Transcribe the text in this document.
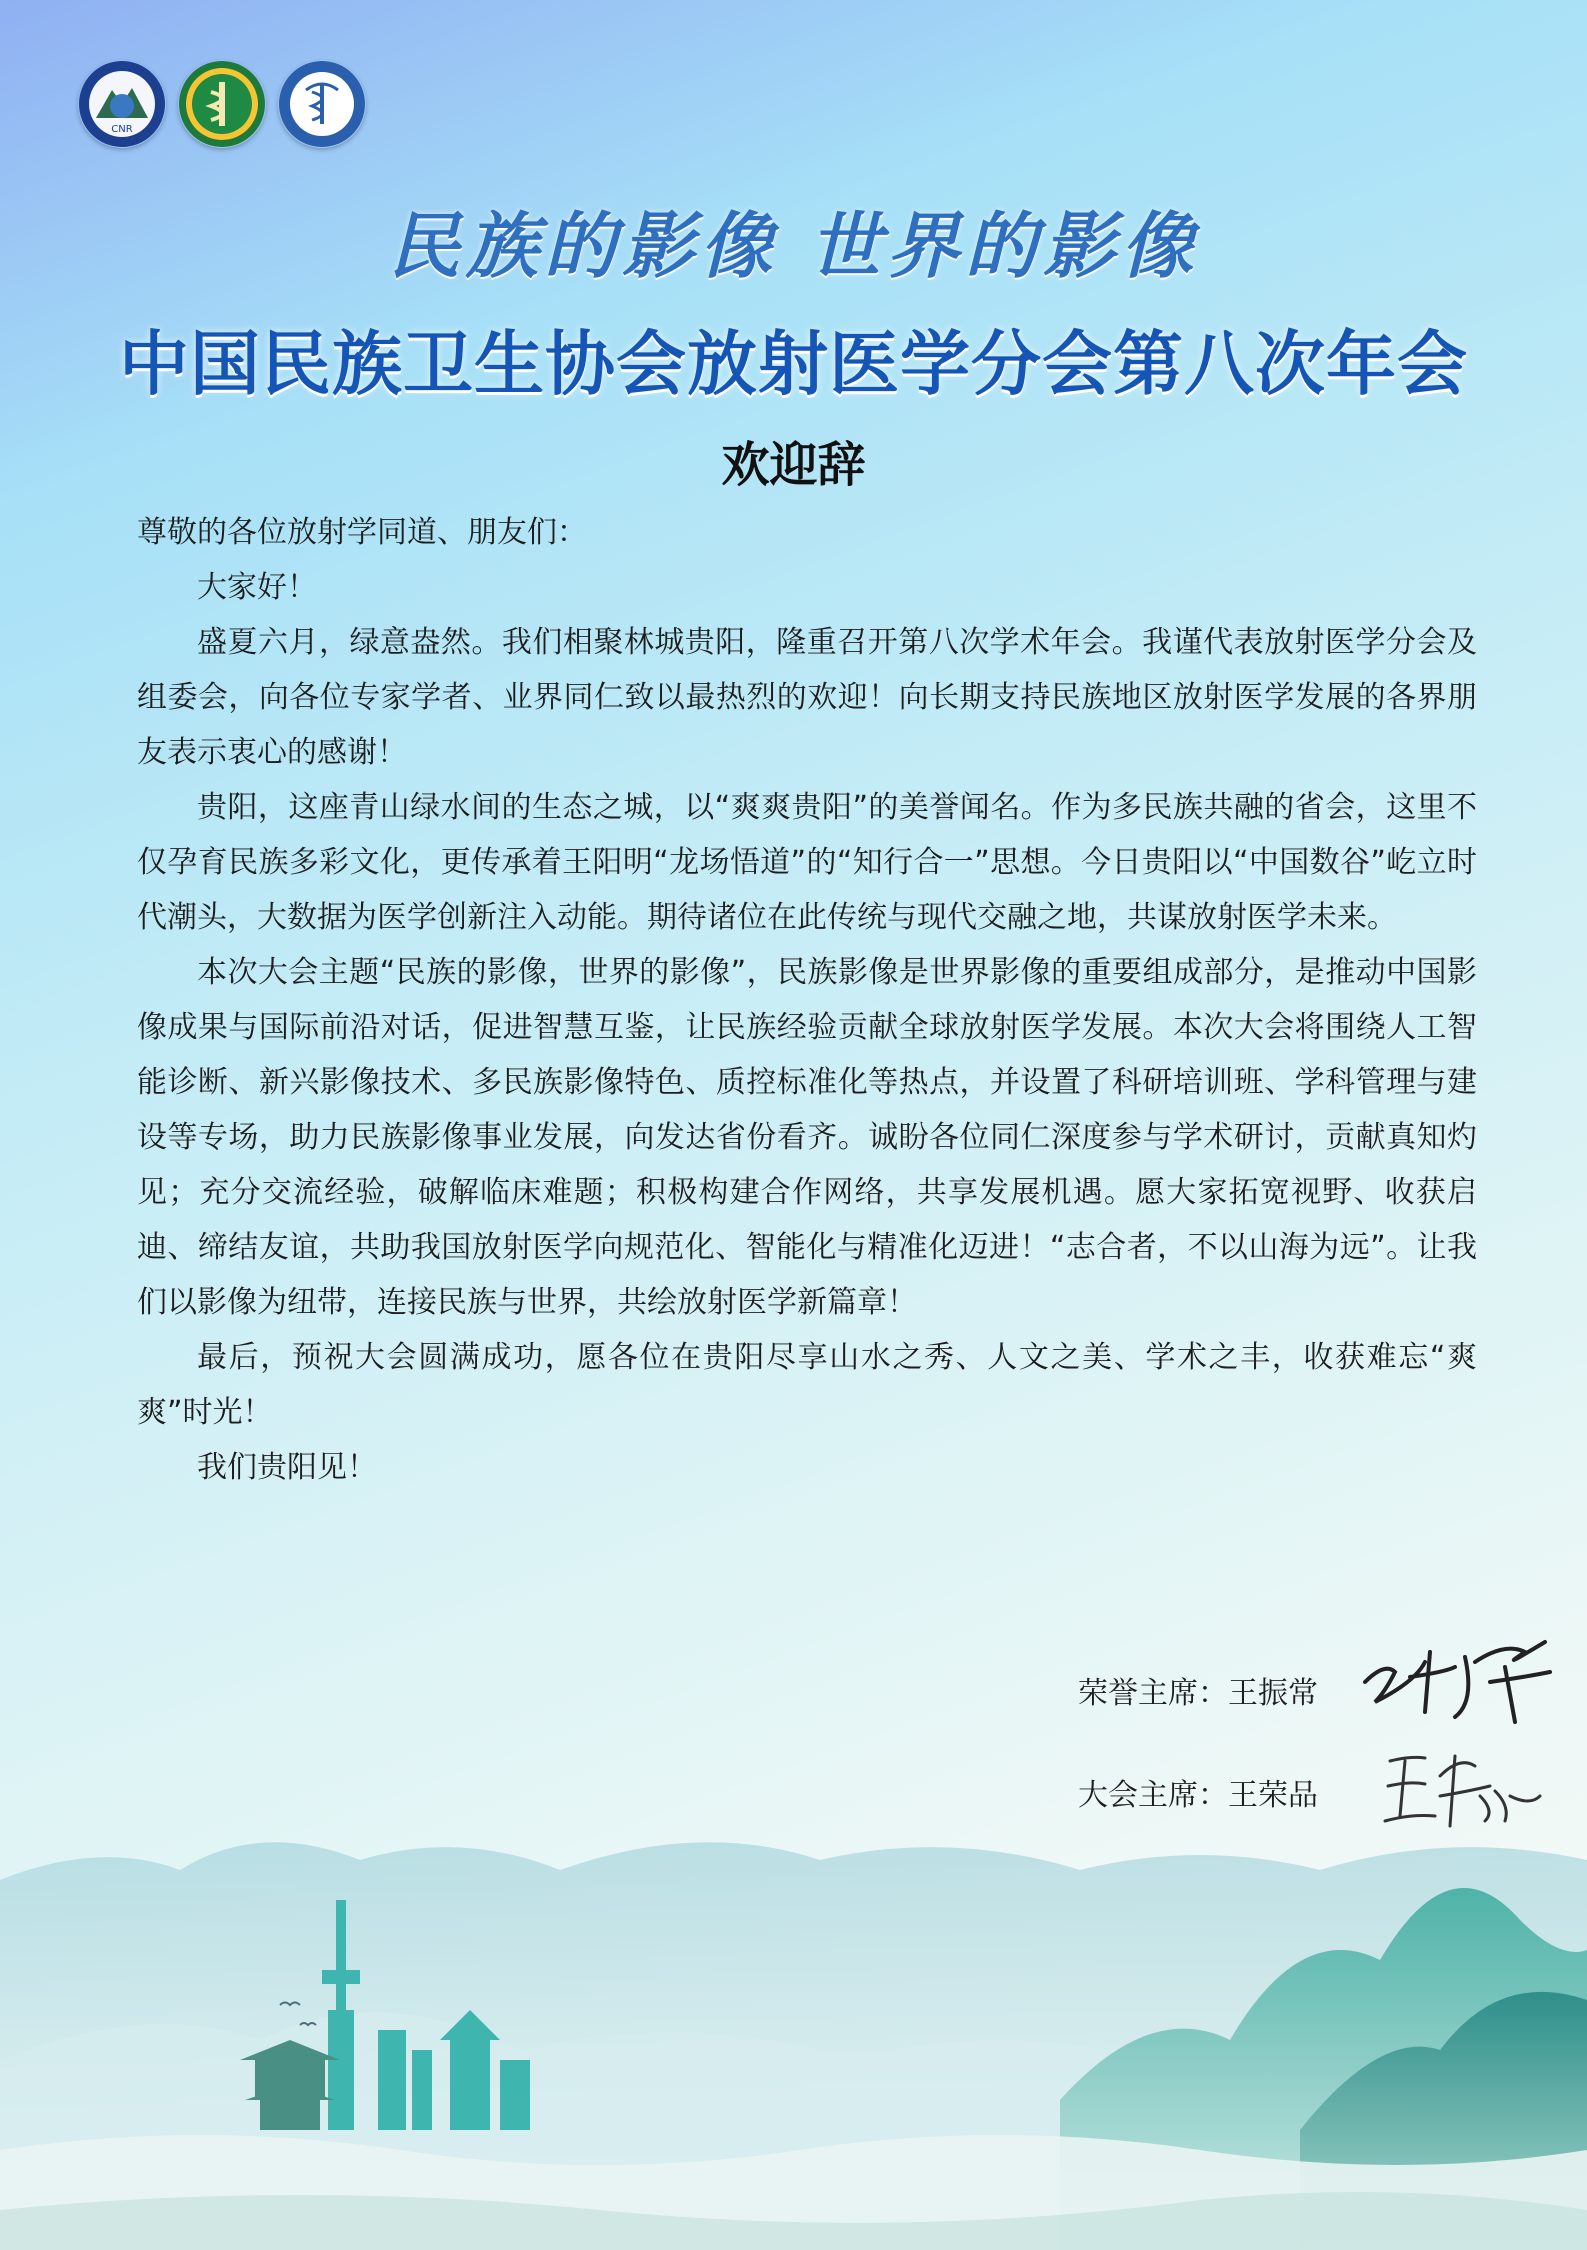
CNR
民族的影像 世界的影像
中国民族卫生协会放射医学分会第八次年会
欢迎辞

尊敬的各位放射学同道、朋友们：

大家好！

盛夏六月，绿意盎然。我们相聚林城贵阳，隆重召开第八次学术年会。我谨代表放射医学分会及组委会，向各位专家学者、业界同仁致以最热烈的欢迎！向长期支持民族地区放射医学发展的各界朋友表示衷心的感谢！

贵阳，这座青山绿水间的生态之城，以“爽爽贵阳”的美誉闻名。作为多民族共融的省会，这里不仅孕育民族多彩文化，更传承着王阳明“龙场悟道”的“知行合一”思想。今日贵阳以“中国数谷”屹立时代潮头，大数据为医学创新注入动能。期待诸位在此传统与现代交融之地，共谋放射医学未来。

本次大会主题“民族的影像，世界的影像”，民族影像是世界影像的重要组成部分，是推动中国影像成果与国际前沿对话，促进智慧互鉴，让民族经验贡献全球放射医学发展。本次大会将围绕人工智能诊断、新兴影像技术、多民族影像特色、质控标准化等热点，并设置了科研培训班、学科管理与建设等专场，助力民族影像事业发展，向发达省份看齐。诚盼各位同仁深度参与学术研讨，贡献真知灼见；充分交流经验，破解临床难题；积极构建合作网络，共享发展机遇。愿大家拓宽视野、收获启迪、缔结友谊，共助我国放射医学向规范化、智能化与精准化迈进！“志合者，不以山海为远”。让我们以影像为纽带，连接民族与世界，共绘放射医学新篇章！

最后，预祝大会圆满成功，愿各位在贵阳尽享山水之秀、人文之美、学术之丰，收获难忘“爽爽”时光！

我们贵阳见！

荣誉主席：王振常
大会主席：王荣品
